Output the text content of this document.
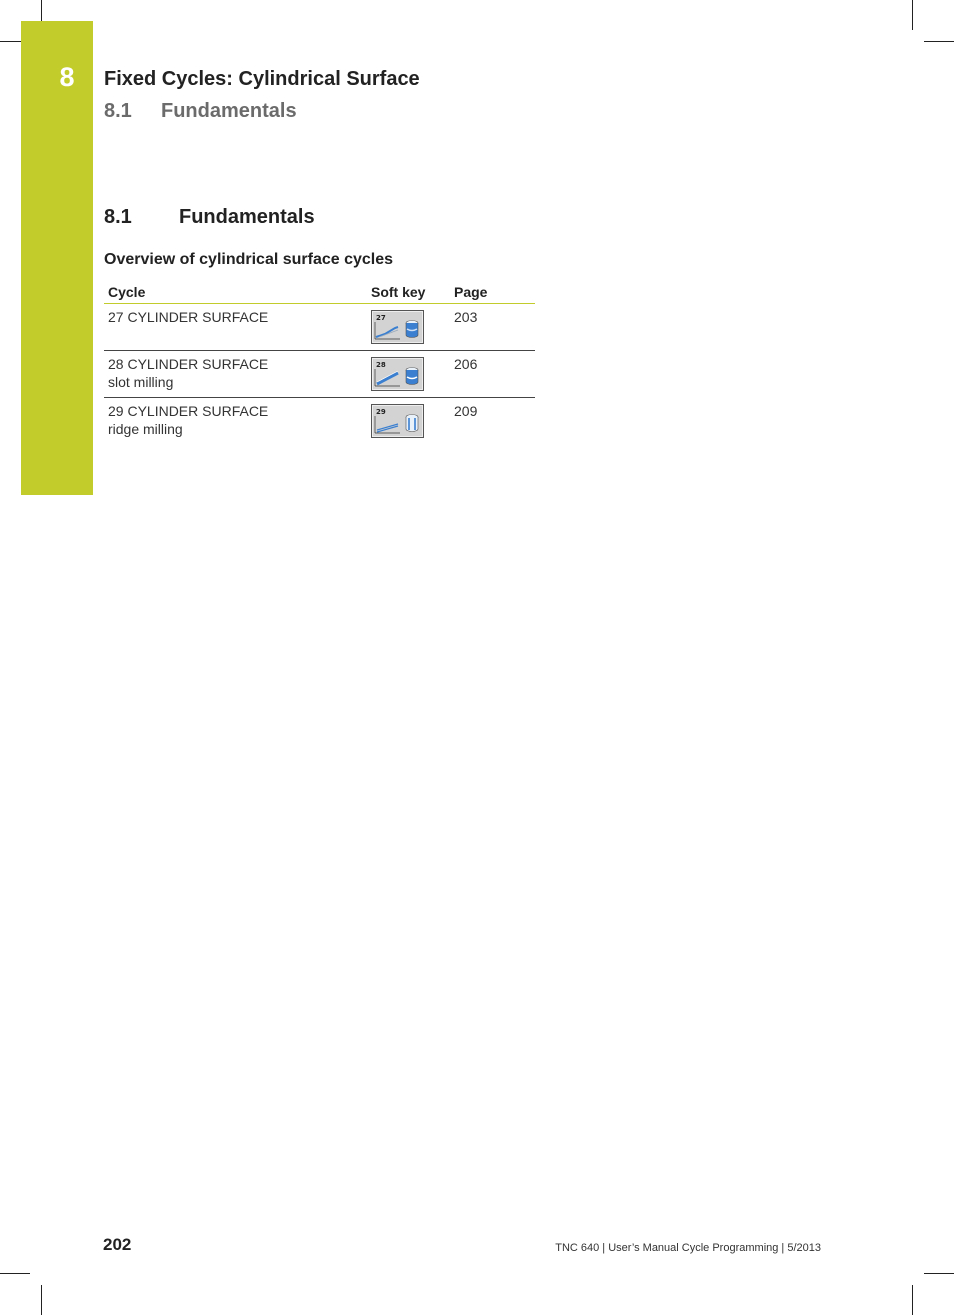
8	Fixed Cycles: Cylindrical Surface
8.1 Fundamentals
8.1 Fundamentals
Overview of cylindrical surface cycles
Cycle	Soft key	Page

27 CYLINDER SURFACE	27	203

28 CYLINDER SURFACE
slot milling	28	206

29 CYLINDER SURFACE
ridge milling	29	209
202	TNC 640 | User’s Manual Cycle Programming | 5/2013
